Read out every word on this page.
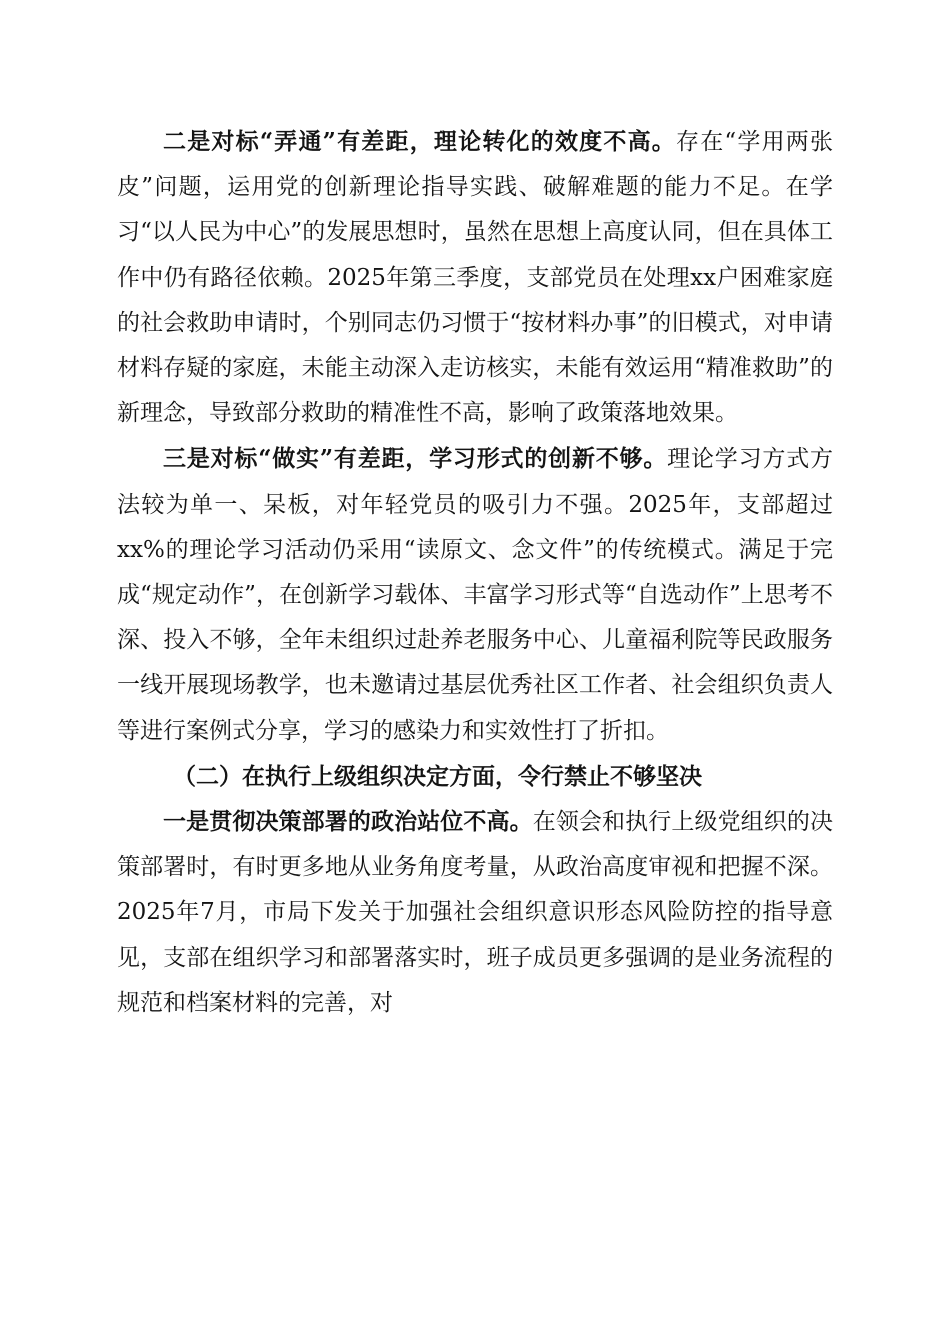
二是对标“弄通”有差距，理论转化的效度不高。存在“学用两张皮”问题，运用党的创新理论指导实践、破解难题的能力不足。在学习“以人民为中心”的发展思想时，虽然在思想上高度认同，但在具体工作中仍有路径依赖。2025年第三季度，支部党员在处理xx户困难家庭的社会救助申请时，个别同志仍习惯于“按材料办事”的旧模式，对申请材料存疑的家庭，未能主动深入走访核实，未能有效运用“精准救助”的新理念，导致部分救助的精准性不高，影响了政策落地效果。

三是对标“做实”有差距，学习形式的创新不够。理论学习方式方法较为单一、呆板，对年轻党员的吸引力不强。2025年，支部超过xx%的理论学习活动仍采用“读原文、念文件”的传统模式。满足于完成“规定动作”，在创新学习载体、丰富学习形式等“自选动作”上思考不深、投入不够，全年未组织过赴养老服务中心、儿童福利院等民政服务一线开展现场教学，也未邀请过基层优秀社区工作者、社会组织负责人等进行案例式分享，学习的感染力和实效性打了折扣。

（二）在执行上级组织决定方面，令行禁止不够坚决

一是贯彻决策部署的政治站位不高。在领会和执行上级党组织的决策部署时，有时更多地从业务角度考量，从政治高度审视和把握不深。2025年7月，市局下发关于加强社会组织意识形态风险防控的指导意见，支部在组织学习和部署落实时，班子成员更多强调的是业务流程的规范和档案材料的完善，对
